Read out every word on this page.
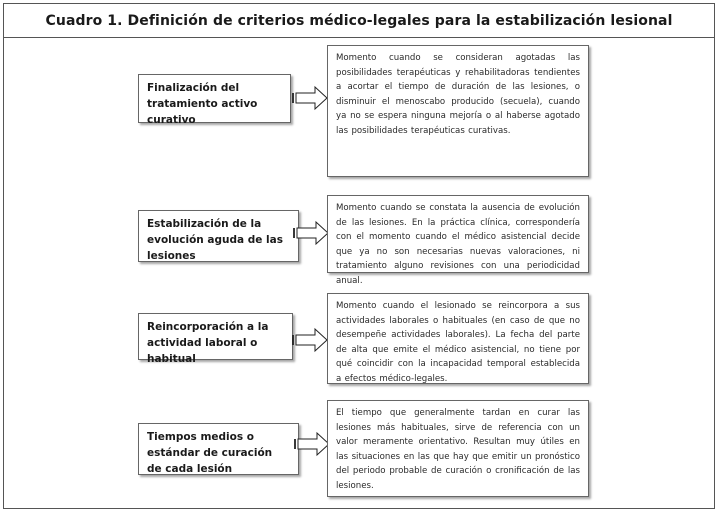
Cuadro 1. Definición de criterios médico-legales para la estabilización lesional
Finalización del tratamiento activo curativo
Momento cuando se consideran agotadas las posibilidades terapéuticas y rehabilitadoras tendientes a acortar el tiempo de duración de las lesiones, o disminuir el menoscabo producido (secuela), cuando ya no se espera ninguna mejoría o al haberse agotado las posibilidades terapéuticas curativas.
Estabilización de la evolución aguda de las lesiones
Momento cuando se constata la ausencia de evolución de las lesiones. En la práctica clínica, correspondería con el momento cuando el médico asistencial decide que ya no son necesarias nuevas valoraciones, ni tratamiento alguno revisiones con una periodicidad anual.
Reincorporación a la actividad laboral o habitual
Momento cuando el lesionado se reincorpora a sus actividades laborales o habituales (en caso de que no desempeñe actividades laborales). La fecha del parte de alta que emite el médico asistencial, no tiene por qué coincidir con la incapacidad temporal establecida a efectos médico-legales.
Tiempos medios o estándar de curación de cada lesión
El tiempo que generalmente tardan en curar las lesiones más habituales, sirve de referencia con un valor meramente orientativo. Resultan muy útiles en las situaciones en las que hay que emitir un pronóstico del periodo probable de curación o cronificación de las lesiones.
